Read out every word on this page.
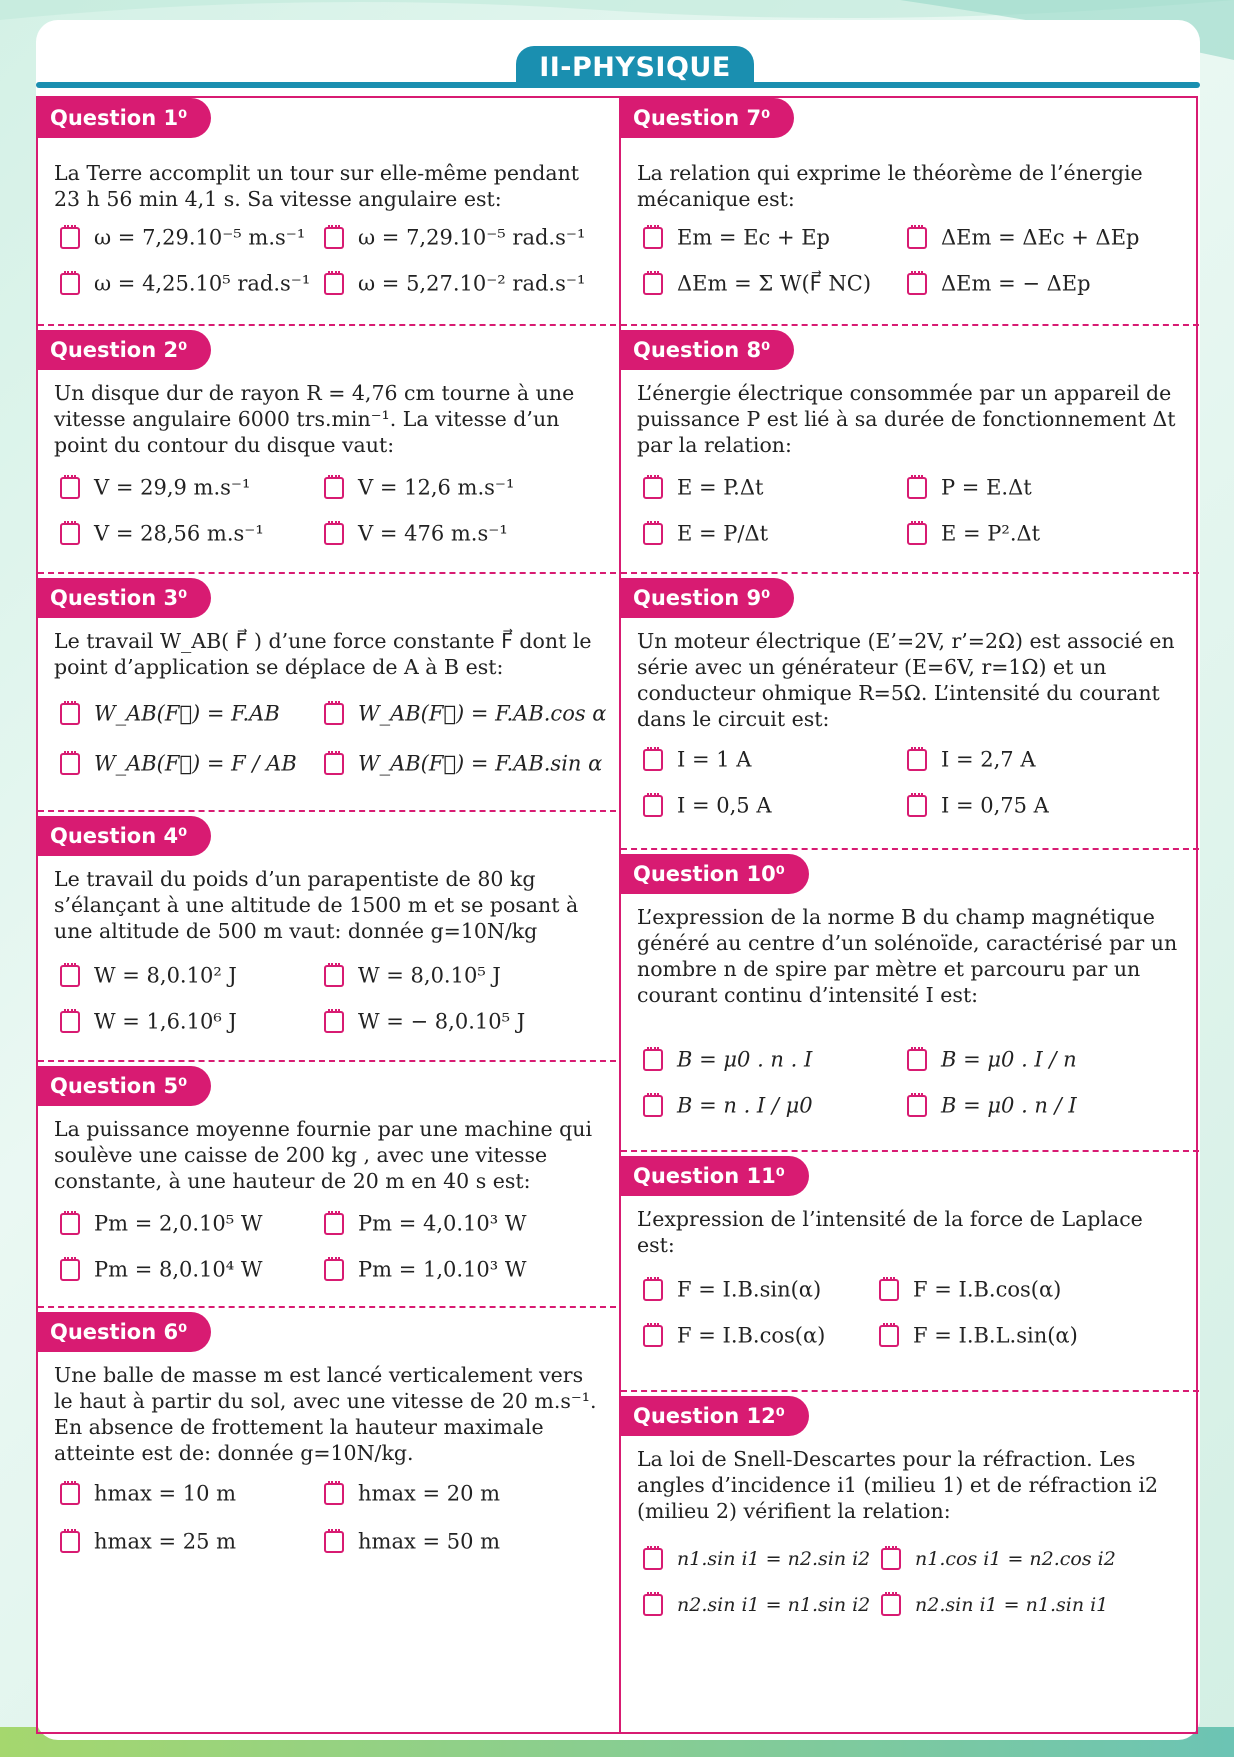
II-PHYSIQUE
Question 1⁰
La Terre accomplit un tour sur elle-même pendant 23 h 56 min 4,1 s. Sa vitesse angulaire est:
ω = 7,29.10⁻⁵ m.s⁻¹	ω = 7,29.10⁻⁵ rad.s⁻¹
ω = 4,25.10⁵ rad.s⁻¹	ω = 5,27.10⁻² rad.s⁻¹
Question 2⁰
Un disque dur de rayon R = 4,76 cm tourne à une vitesse angulaire 6000 trs.min⁻¹. La vitesse d’un point du contour du disque vaut:
V = 29,9 m.s⁻¹	V = 12,6 m.s⁻¹
V = 28,56 m.s⁻¹	V = 476 m.s⁻¹
Question 3⁰
Le travail W_AB( F⃗ ) d’une force constante F⃗ dont le point d’application se déplace de A à B est:
W_AB(F⃗) = F.AB	W_AB(F⃗) = F.AB.cos α
W_AB(F⃗) = F / AB	W_AB(F⃗) = F.AB.sin α
Question 4⁰
Le travail du poids d’un parapentiste de 80 kg s’élançant à une altitude de 1500 m et se posant à une altitude de 500 m vaut: donnée g=10N/kg
W = 8,0.10² J	W = 8,0.10⁵ J
W = 1,6.10⁶ J	W = − 8,0.10⁵ J
Question 5⁰
La puissance moyenne fournie par une machine qui soulève une caisse de 200 kg , avec une vitesse constante, à une hauteur de 20 m en 40 s est:
Pm = 2,0.10⁵ W	Pm = 4,0.10³ W
Pm = 8,0.10⁴ W	Pm = 1,0.10³ W
Question 6⁰
Une balle de masse m est lancé verticalement vers le haut à partir du sol, avec une vitesse de 20 m.s⁻¹. En absence de frottement la hauteur maximale atteinte est de: donnée g=10N/kg.
hmax = 10 m	hmax = 20 m
hmax = 25 m	hmax = 50 m
Question 7⁰
La relation qui exprime le théorème de l’énergie mécanique est:
Em = Ec + Ep	ΔEm = ΔEc + ΔEp
ΔEm = Σ W(F⃗ NC)	ΔEm = − ΔEp
Question 8⁰
L’énergie électrique consommée par un appareil de puissance P est lié à sa durée de fonctionnement Δt par la relation:
E = P.Δt	P = E.Δt
E = P/Δt	E = P².Δt
Question 9⁰
Un moteur électrique (E’=2V, r’=2Ω) est associé en série avec un générateur (E=6V, r=1Ω) et un conducteur ohmique R=5Ω. L’intensité du courant dans le circuit est:
I = 1 A	I = 2,7 A
I = 0,5 A	I = 0,75 A
Question 10⁰
L’expression de la norme B du champ magnétique généré au centre d’un solénoïde, caractérisé par un nombre n de spire par mètre et parcouru par un courant continu d’intensité I est:
B = μ0 . n . I	B = μ0 . I / n
B = n . I / μ0	B = μ0 . n / I
Question 11⁰
L’expression de l’intensité de la force de Laplace est:
F = I.B.sin(α)	F = I.B.cos(α)
F = I.B.cos(α)	F = I.B.L.sin(α)
Question 12⁰
La loi de Snell-Descartes pour la réfraction. Les angles d’incidence i1 (milieu 1) et de réfraction i2 (milieu 2) vérifient la relation:
n1.sin i1 = n2.sin i2	n1.cos i1 = n2.cos i2
n2.sin i1 = n1.sin i2	n2.sin i1 = n1.sin i1
